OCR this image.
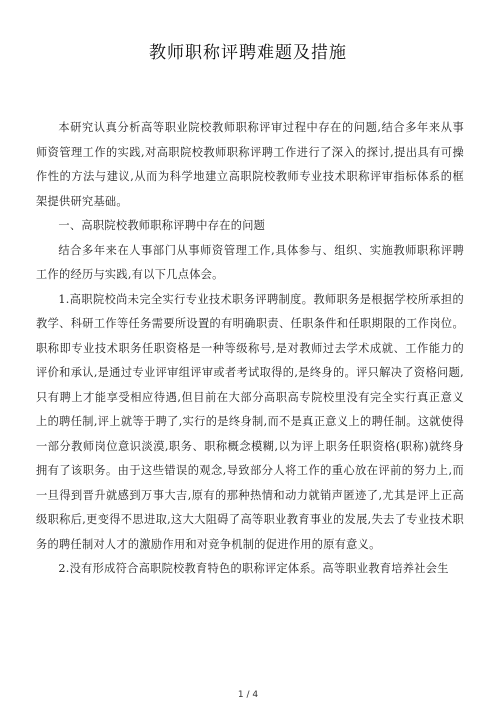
教师职称评聘难题及措施

本研究认真分析高等职业院校教师职称评审过程中存在的问题,结合多年来从事师资管理工作的实践,对高职院校教师职称评聘工作进行了深入的探讨,提出具有可操作性的方法与建议,从而为科学地建立高职院校教师专业技术职称评审指标体系的框架提供研究基础。

一、高职院校教师职称评聘中存在的问题

结合多年来在人事部门从事师资管理工作,具体参与、组织、实施教师职称评聘工作的经历与实践,有以下几点体会。

1.高职院校尚未完全实行专业技术职务评聘制度。教师职务是根据学校所承担的教学、科研工作等任务需要所设置的有明确职责、任职条件和任职期限的工作岗位。职称即专业技术职务任职资格是一种等级称号,是对教师过去学术成就、工作能力的评价和承认,是通过专业评审组评审或者考试取得的,是终身的。评只解决了资格问题,只有聘上才能享受相应待遇,但目前在大部分高职高专院校里没有完全实行真正意义上的聘任制,评上就等于聘了,实行的是终身制,而不是真正意义上的聘任制。这就使得一部分教师岗位意识淡漠,职务、职称概念模糊,以为评上职务任职资格(职称)就终身拥有了该职务。由于这些错误的观念,导致部分人将工作的重心放在评前的努力上,而一旦得到晋升就感到万事大吉,原有的那种热情和动力就销声匿迹了,尤其是评上正高级职称后,更变得不思进取,这大大阻碍了高等职业教育事业的发展,失去了专业技术职务的聘任制对人才的激励作用和对竞争机制的促进作用的原有意义。

2.没有形成符合高职院校教育特色的职称评定体系。高等职业教育培养社会生

1 / 4
